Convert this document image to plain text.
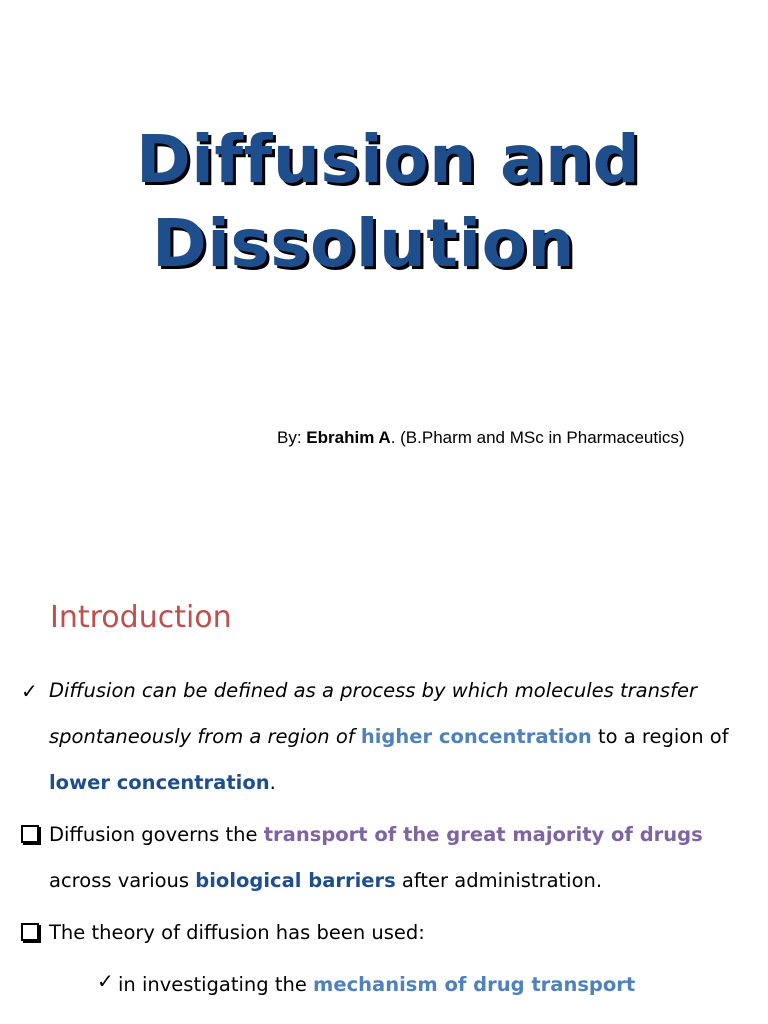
Diffusion and
Dissolution
By: Ebrahim A. (B.Pharm and MSc in Pharmaceutics)
Introduction
✓ Diffusion can be defined as a process by which molecules transfer spontaneously from a region of higher concentration to a region of lower concentration.
Diffusion governs the transport of the great majority of drugs across various biological barriers after administration.
The theory of diffusion has been used:
✓ in investigating the mechanism of drug transport
